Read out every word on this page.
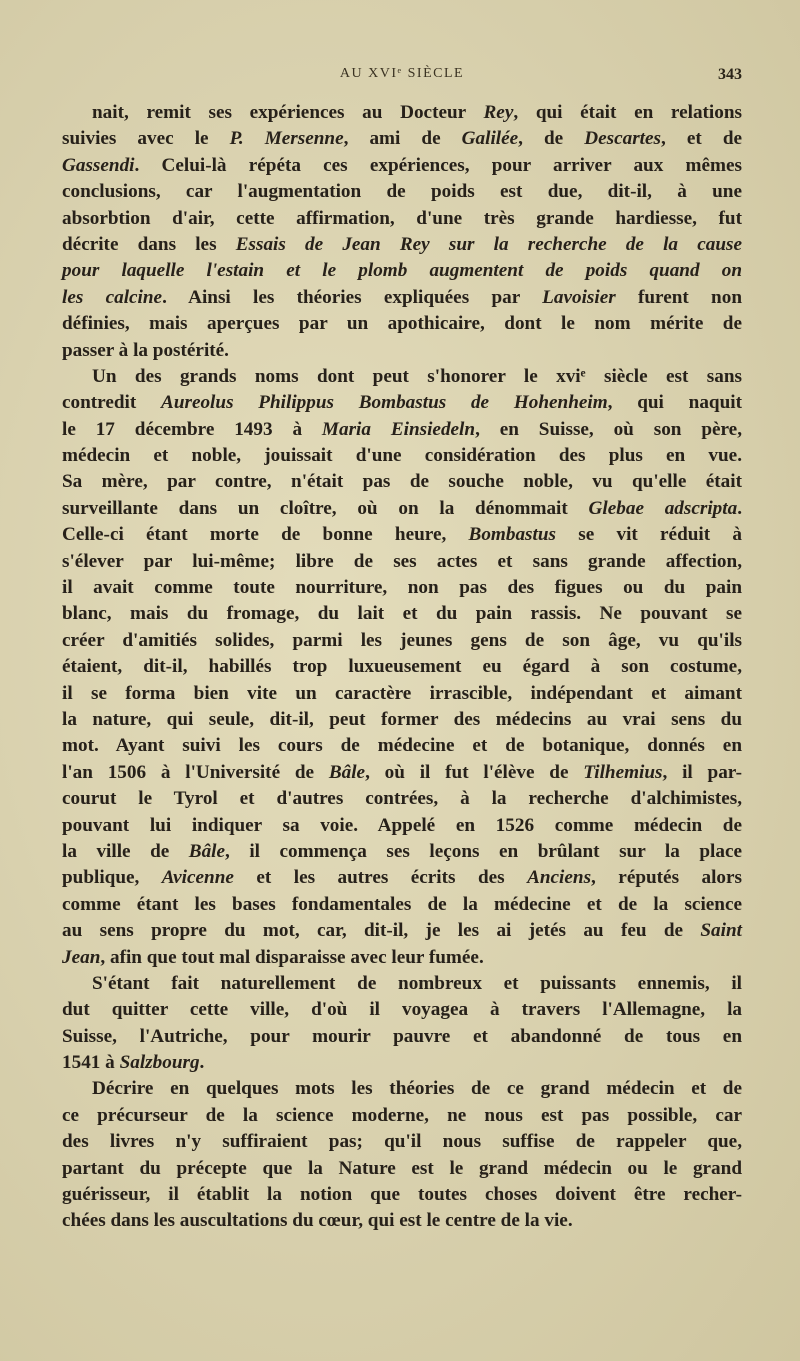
AU XVIᵉ SIÈCLE	343
nait, remit ses expériences au Docteur Rey, qui était en relations
suivies avec le P. Mersenne, ami de Galilée, de Descartes, et de
Gassendi. Celui-là répéta ces expériences, pour arriver aux mêmes
conclusions, car l'augmentation de poids est due, dit-il, à une
absorbtion d'air, cette affirmation, d'une très grande hardiesse, fut
décrite dans les Essais de Jean Rey sur la recherche de la cause
pour laquelle l'estain et le plomb augmentent de poids quand on
les calcine. Ainsi les théories expliquées par Lavoisier furent non
définies, mais aperçues par un apothicaire, dont le nom mérite de
passer à la postérité.
Un des grands noms dont peut s'honorer le xviᵉ siècle est sans
contredit Aureolus Philippus Bombastus de Hohenheim, qui naquit
le 17 décembre 1493 à Maria Einsiedeln, en Suisse, où son père,
médecin et noble, jouissait d'une considération des plus en vue.
Sa mère, par contre, n'était pas de souche noble, vu qu'elle était
surveillante dans un cloître, où on la dénommait Glebae adscripta.
Celle-ci étant morte de bonne heure, Bombastus se vit réduit à
s'élever par lui-même; libre de ses actes et sans grande affection,
il avait comme toute nourriture, non pas des figues ou du pain
blanc, mais du fromage, du lait et du pain rassis. Ne pouvant se
créer d'amitiés solides, parmi les jeunes gens de son âge, vu qu'ils
étaient, dit-il, habillés trop luxueusement eu égard à son costume,
il se forma bien vite un caractère irrascible, indépendant et aimant
la nature, qui seule, dit-il, peut former des médecins au vrai sens du
mot. Ayant suivi les cours de médecine et de botanique, donnés en
l'an 1506 à l'Université de Bâle, où il fut l'élève de Tilhemius, il par-
courut le Tyrol et d'autres contrées, à la recherche d'alchimistes,
pouvant lui indiquer sa voie. Appelé en 1526 comme médecin de
la ville de Bâle, il commença ses leçons en brûlant sur la place
publique, Avicenne et les autres écrits des Anciens, réputés alors
comme étant les bases fondamentales de la médecine et de la science
au sens propre du mot, car, dit-il, je les ai jetés au feu de Saint
Jean, afin que tout mal disparaisse avec leur fumée.
S'étant fait naturellement de nombreux et puissants ennemis, il
dut quitter cette ville, d'où il voyagea à travers l'Allemagne, la
Suisse, l'Autriche, pour mourir pauvre et abandonné de tous en
1541 à Salzbourg.
Décrire en quelques mots les théories de ce grand médecin et de
ce précurseur de la science moderne, ne nous est pas possible, car
des livres n'y suffiraient pas; qu'il nous suffise de rappeler que,
partant du précepte que la Nature est le grand médecin ou le grand
guérisseur, il établit la notion que toutes choses doivent être recher-
chées dans les auscultations du cœur, qui est le centre de la vie.
